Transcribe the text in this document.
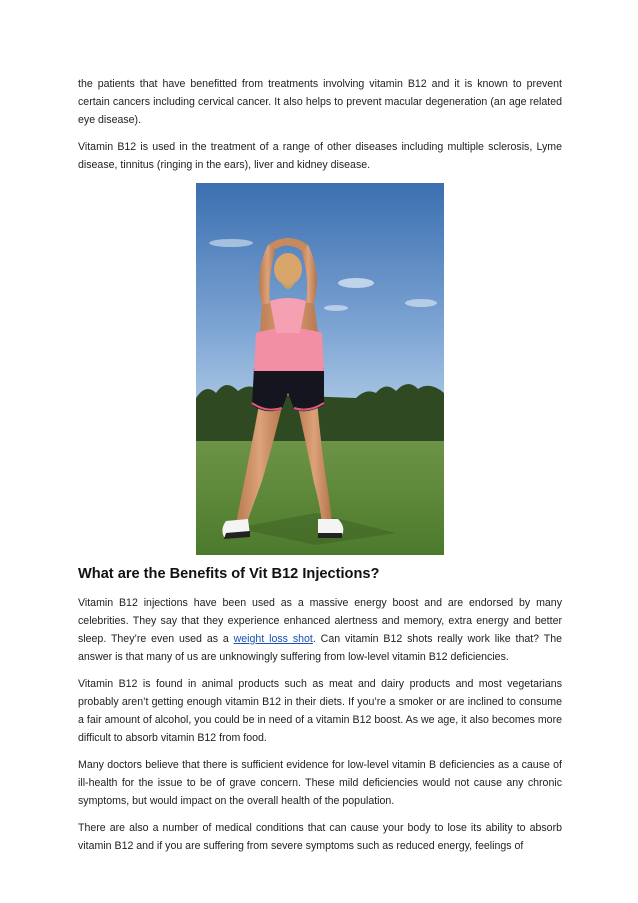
the patients that have benefitted from treatments involving vitamin B12 and it is known to prevent certain cancers including cervical cancer. It also helps to prevent macular degeneration (an age related eye disease).

Vitamin B12 is used in the treatment of a range of other diseases including multiple sclerosis, Lyme disease, tinnitus (ringing in the ears), liver and kidney disease.

What are the Benefits of Vit B12 Injections?

Vitamin B12 injections have been used as a massive energy boost and are endorsed by many celebrities. They say that they experience enhanced alertness and memory, extra energy and better sleep. They’re even used as a weight loss shot. Can vitamin B12 shots really work like that? The answer is that many of us are unknowingly suffering from low-level vitamin B12 deficiencies.

Vitamin B12 is found in animal products such as meat and dairy products and most vegetarians probably aren’t getting enough vitamin B12 in their diets. If you’re a smoker or are inclined to consume a fair amount of alcohol, you could be in need of a vitamin B12 boost. As we age, it also becomes more difficult to absorb vitamin B12 from food.

Many doctors believe that there is sufficient evidence for low-level vitamin B deficiencies as a cause of ill-health for the issue to be of grave concern. These mild deficiencies would not cause any chronic symptoms, but would impact on the overall health of the population.

There are also a number of medical conditions that can cause your body to lose its ability to absorb vitamin B12 and if you are suffering from severe symptoms such as reduced energy, feelings of
